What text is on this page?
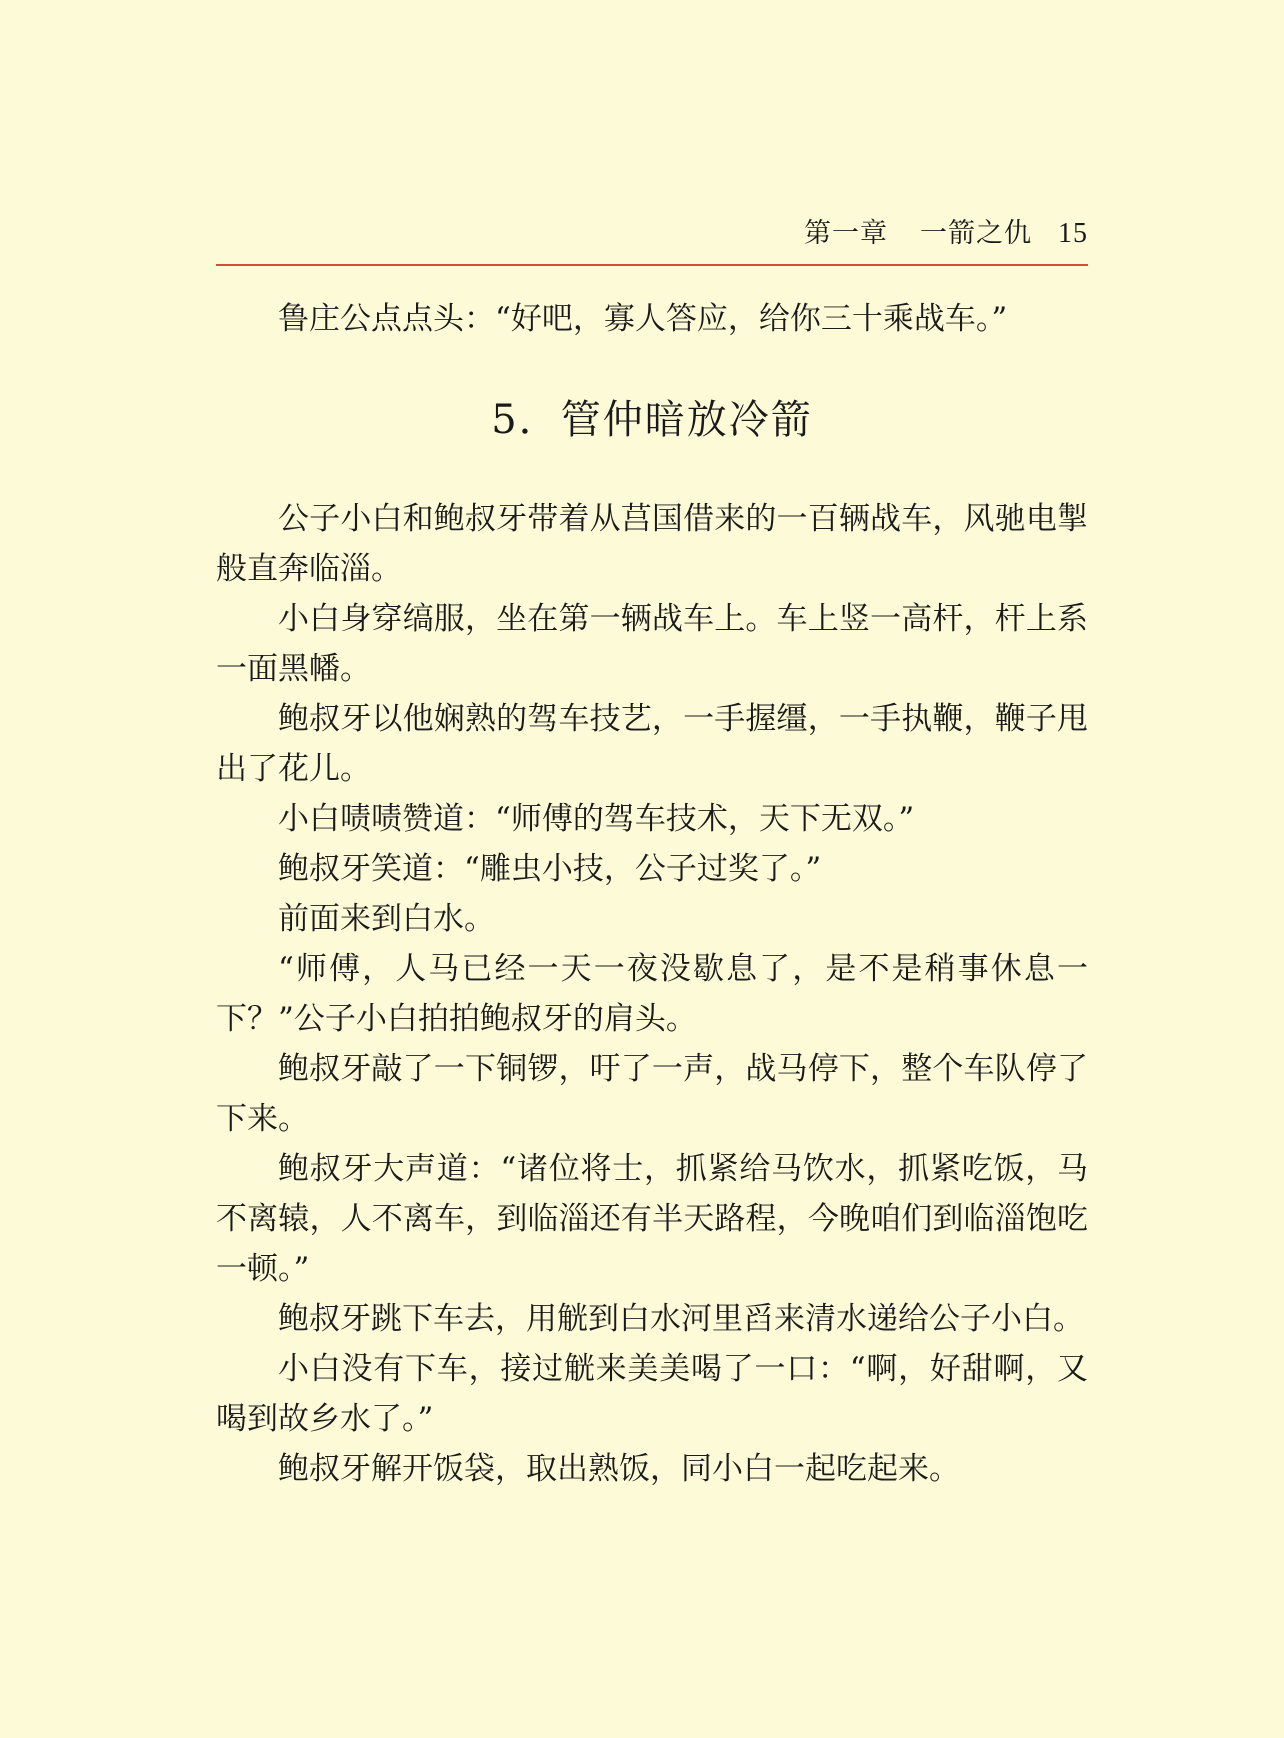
第一章 一箭之仇 15

鲁庄公点点头：“好吧，寡人答应，给你三十乘战车。”

5．管仲暗放冷箭

公子小白和鲍叔牙带着从莒国借来的一百辆战车，风驰电掣般直奔临淄。

小白身穿缟服，坐在第一辆战车上。车上竖一高杆，杆上系一面黑幡。

鲍叔牙以他娴熟的驾车技艺，一手握缰，一手执鞭，鞭子甩出了花儿。

小白啧啧赞道：“师傅的驾车技术，天下无双。”

鲍叔牙笑道：“雕虫小技，公子过奖了。”

前面来到白水。

“师傅，人马已经一天一夜没歇息了，是不是稍事休息一下？”公子小白拍拍鲍叔牙的肩头。

鲍叔牙敲了一下铜锣，吁了一声，战马停下，整个车队停了下来。

鲍叔牙大声道：“诸位将士，抓紧给马饮水，抓紧吃饭，马不离辕，人不离车，到临淄还有半天路程，今晚咱们到临淄饱吃一顿。”

鲍叔牙跳下车去，用觥到白水河里舀来清水递给公子小白。

小白没有下车，接过觥来美美喝了一口：“啊，好甜啊，又喝到故乡水了。”

鲍叔牙解开饭袋，取出熟饭，同小白一起吃起来。
